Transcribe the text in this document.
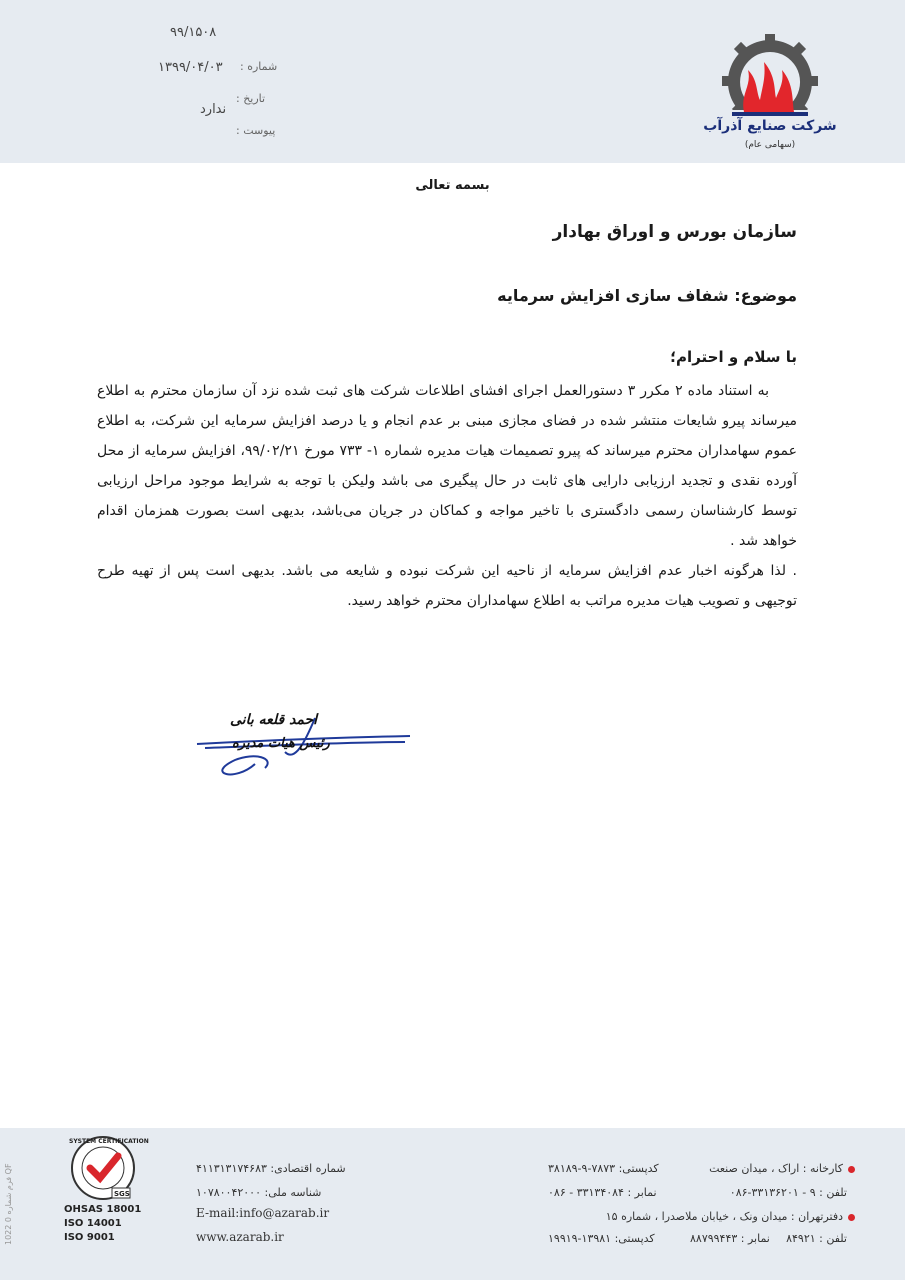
۹۹/۱۵۰۸
۱۳۹۹/۰۴/۰۳
ندارد
شماره :
تاریخ :
پیوست :	شرکت صنایع آذرآب
(سهامی عام)
بسمه تعالی
سازمان بورس و اوراق بهادار
موضوع: شفاف سازی افزایش سرمایه
با سلام و احترام؛

به استناد ماده ۲ مکرر ۳ دستورالعمل اجرای افشای اطلاعات شرکت های ثبت شده نزد آن سازمان محترم به اطلاع میرساند پیرو شایعات منتشر شده در فضای مجازی مبنی بر عدم انجام و یا درصد افزایش سرمایه این شرکت، به اطلاع عموم سهامداران محترم میرساند که پیرو تصمیمات هیات مدیره شماره ۱- ۷۳۳ مورخ ۹۹/۰۲/۲۱، افزایش سرمایه از محل آورده نقدی و تجدید ارزیابی دارایی های ثابت در حال پیگیری می باشد ولیکن با توجه به شرایط موجود مراحل ارزیابی توسط کارشناسان رسمی دادگستری با تاخیر مواجه و کماکان در جریان می‌باشد، بدیهی است بصورت همزمان اقدام خواهد شد .

. لذا هرگونه اخبار عدم افزایش سرمایه از ناحیه این شرکت نبوده و شایعه می باشد. بدیهی است پس از تهیه طرح توجیهی و تصویب هیات مدیره مراتب به اطلاع سهامداران محترم خواهد رسید.

احمد قلعه بانی
رئیس هیات مدیره
فرم شماره 0 1022 QF
SYSTEM CERTIFICATION
SGS
OHSAS 18001
ISO 14001
ISO 9001
شماره اقتصادی: ۴۱۱۳۱۳۱۷۴۶۸۳
شناسه ملی: ۱۰۷۸۰۰۴۲۰۰۰
E-mail:info@azarab.ir
www.azarab.ir
کارخانه : اراک ، میدان صنعت
کدپستی: ۷۸۷۳-۹-۳۸۱۸۹
تلفن : ۹ - ۳۳۱۳۶۲۰۱-۰۸۶
نمابر : ۳۳۱۳۴۰۸۴ - ۰۸۶
دفترتهران : میدان ونک ، خیابان ملاصدرا ، شماره ۱۵
تلفن : ۸۴۹۲۱
نمابر : ۸۸۷۹۹۴۴۳
کدپستی: ۱۳۹۸۱-۱۹۹۱۹
